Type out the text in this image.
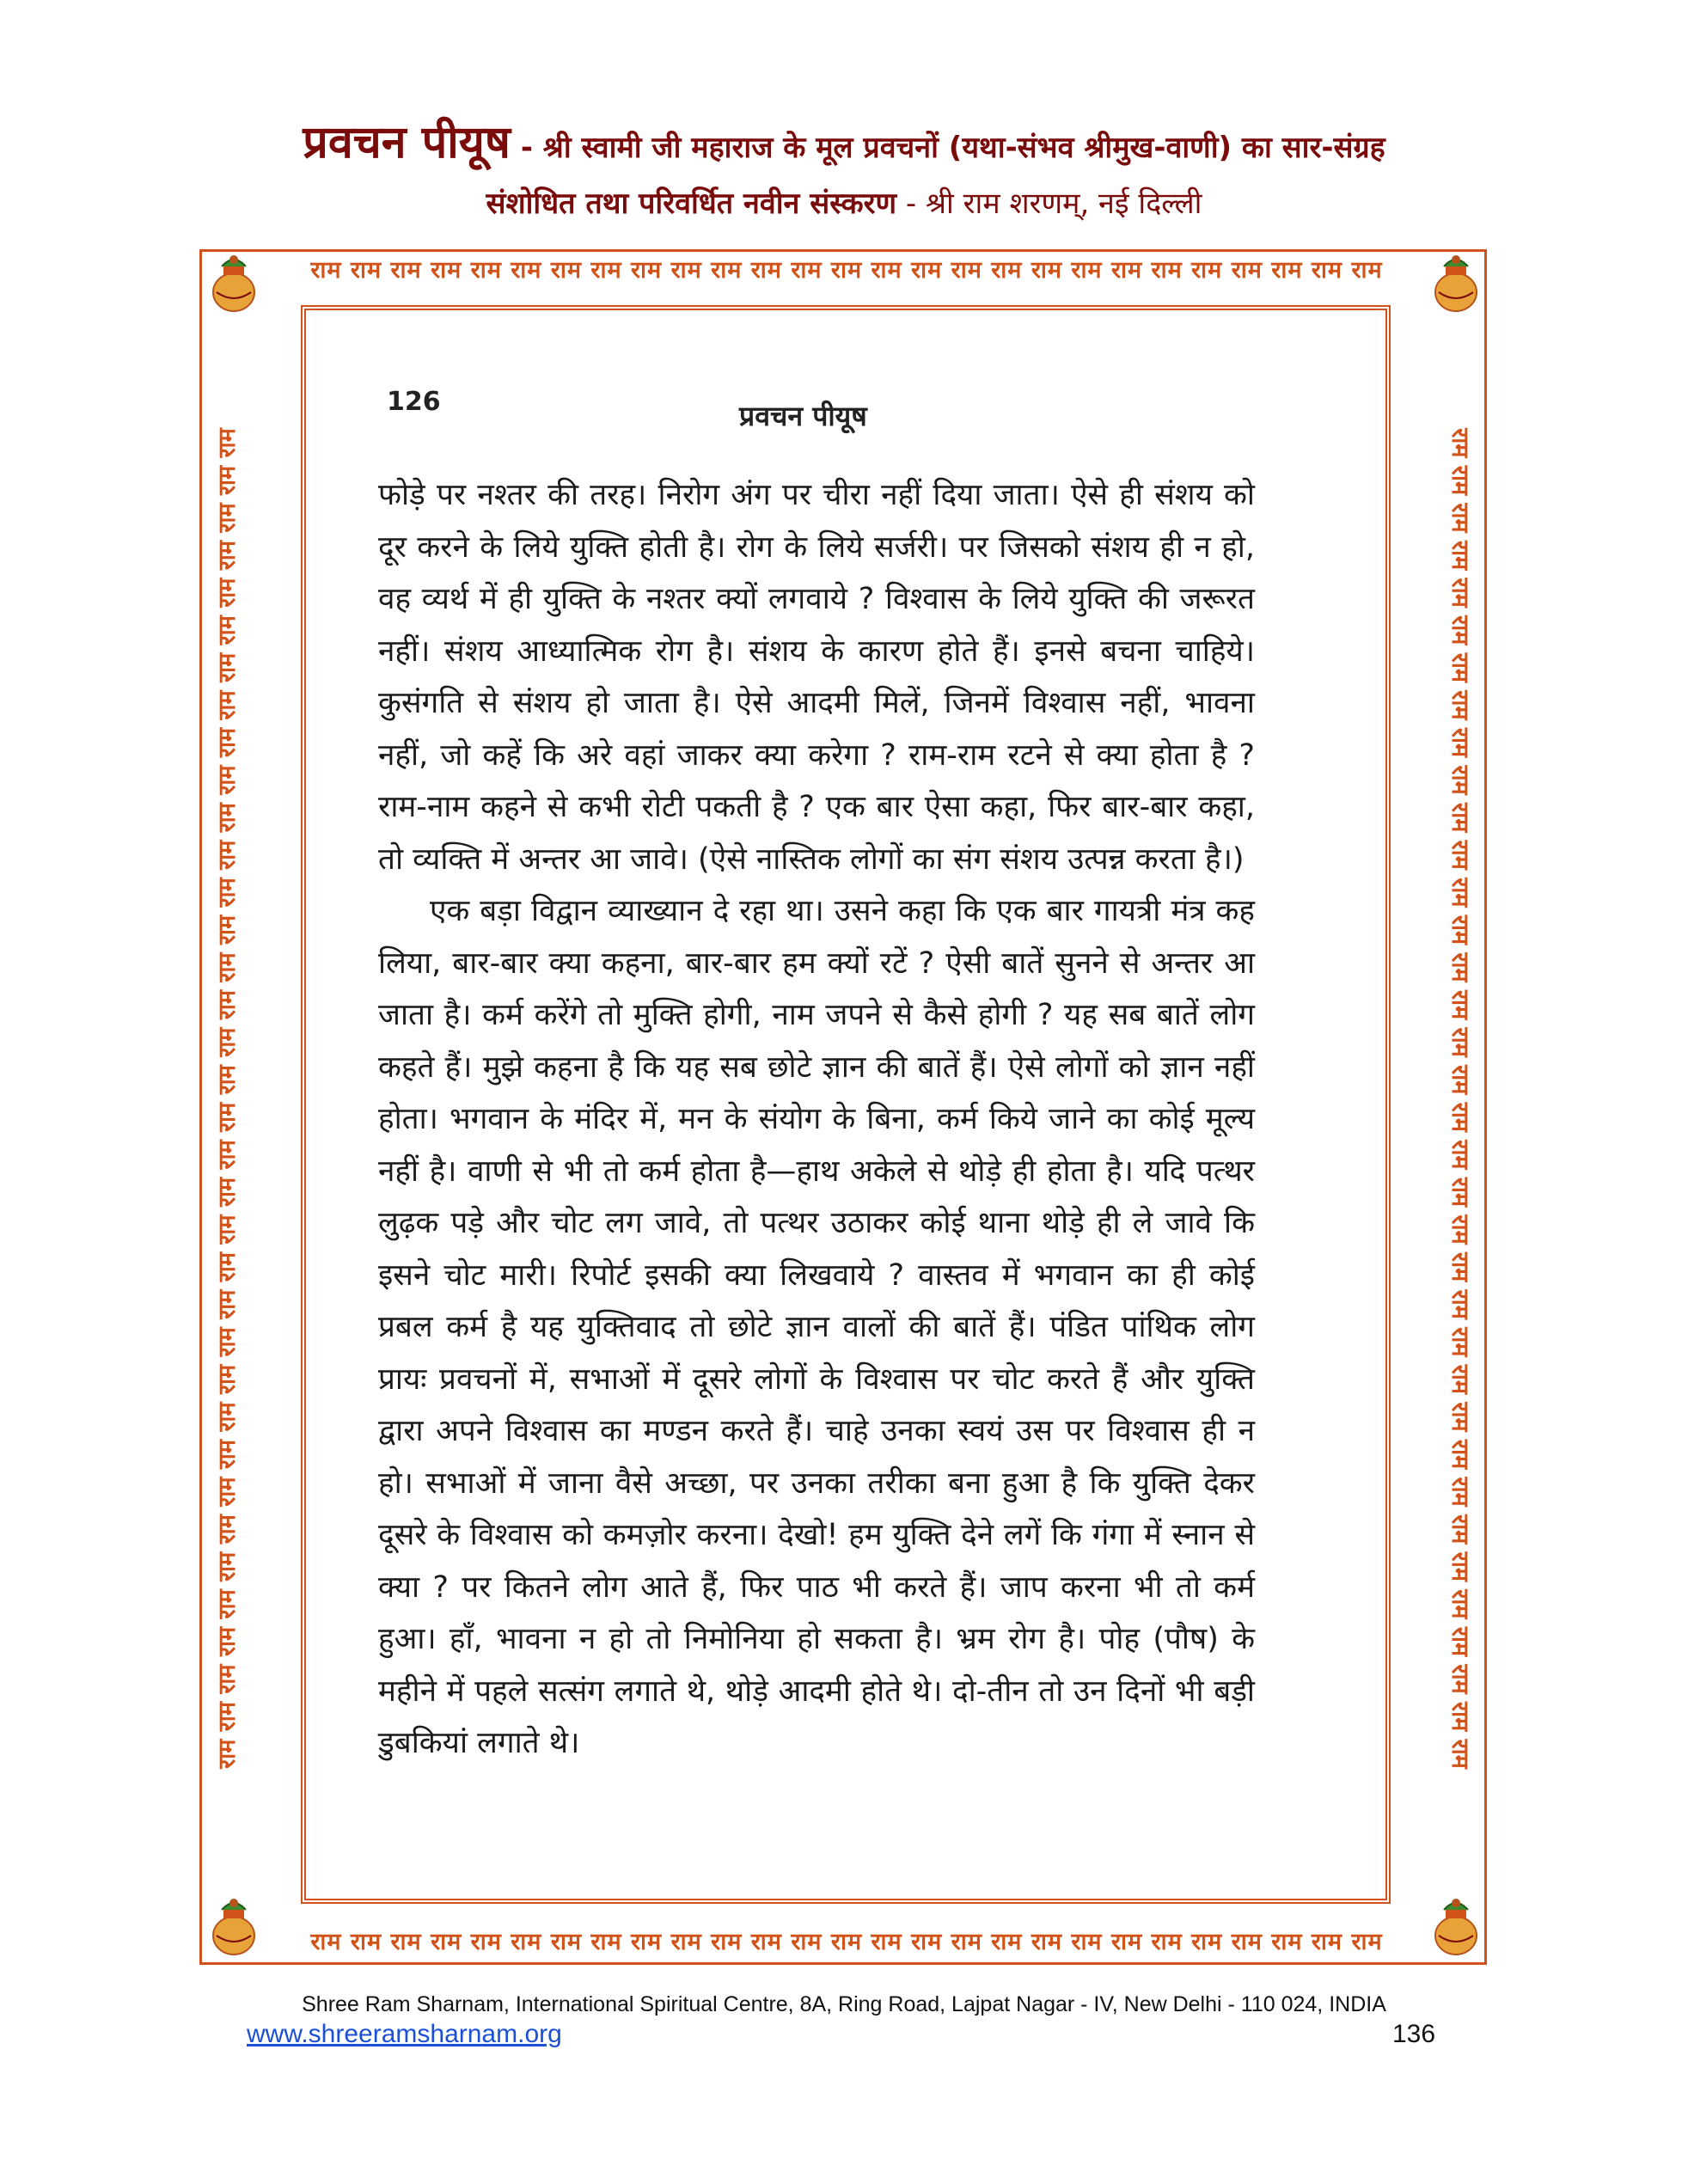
प्रवचन पीयूष - श्री स्वामी जी महाराज के मूल प्रवचनों (यथा-संभव श्रीमुख-वाणी) का सार-संग्रह
संशोधित तथा परिवर्धित नवीन संस्करण - श्री राम शरणम्, नई दिल्ली
राम राम राम राम राम राम राम राम राम राम राम राम राम राम राम राम राम राम राम राम राम राम राम राम राम राम राम
राम राम राम राम राम राम राम राम राम राम राम राम राम राम राम राम राम राम राम राम राम राम राम राम राम राम राम
राम राम राम राम राम राम राम राम राम राम राम राम राम राम राम राम राम राम राम राम राम राम राम राम राम राम राम राम राम राम राम राम राम राम राम राम	राम राम राम राम राम राम राम राम राम राम राम राम राम राम राम राम राम राम राम राम राम राम राम राम राम राम राम राम राम राम राम राम राम राम राम राम
126	प्रवचन पीयूष

फोड़े पर नश्तर की तरह। निरोग अंग पर चीरा नहीं दिया जाता। ऐसे ही संशय को दूर करने के लिये युक्ति होती है। रोग के लिये सर्जरी। पर जिसको संशय ही न हो, वह व्यर्थ में ही युक्ति के नश्तर क्यों लगवाये ? विश्वास के लिये युक्ति की जरूरत नहीं। संशय आध्यात्मिक रोग है। संशय के कारण होते हैं। इनसे बचना चाहिये। कुसंगति से संशय हो जाता है। ऐसे आदमी मिलें, जिनमें विश्वास नहीं, भावना नहीं, जो कहें कि अरे वहां जाकर क्या करेगा ? राम-राम रटने से क्या होता है ? राम-नाम कहने से कभी रोटी पकती है ? एक बार ऐसा कहा, फिर बार-बार कहा, तो व्यक्ति में अन्तर आ जावे। (ऐसे नास्तिक लोगों का संग संशय उत्पन्न करता है।)

एक बड़ा विद्वान व्याख्यान दे रहा था। उसने कहा कि एक बार गायत्री मंत्र कह लिया, बार-बार क्या कहना, बार-बार हम क्यों रटें ? ऐसी बातें सुनने से अन्तर आ जाता है। कर्म करेंगे तो मुक्ति होगी, नाम जपने से कैसे होगी ? यह सब बातें लोग कहते हैं। मुझे कहना है कि यह सब छोटे ज्ञान की बातें हैं। ऐसे लोगों को ज्ञान नहीं होता। भगवान के मंदिर में, मन के संयोग के बिना, कर्म किये जाने का कोई मूल्य नहीं है। वाणी से भी तो कर्म होता है—हाथ अकेले से थोड़े ही होता है। यदि पत्थर लुढ़क पड़े और चोट लग जावे, तो पत्थर उठाकर कोई थाना थोड़े ही ले जावे कि इसने चोट मारी। रिपोर्ट इसकी क्या लिखवाये ? वास्तव में भगवान का ही कोई प्रबल कर्म है यह युक्तिवाद तो छोटे ज्ञान वालों की बातें हैं। पंडित पांथिक लोग प्रायः प्रवचनों में, सभाओं में दूसरे लोगों के विश्वास पर चोट करते हैं और युक्ति द्वारा अपने विश्वास का मण्डन करते हैं। चाहे उनका स्वयं उस पर विश्वास ही न हो। सभाओं में जाना वैसे अच्छा, पर उनका तरीका बना हुआ है कि युक्ति देकर दूसरे के विश्वास को कमज़ोर करना। देखो! हम युक्ति देने लगें कि गंगा में स्नान से क्या ? पर कितने लोग आते हैं, फिर पाठ भी करते हैं। जाप करना भी तो कर्म हुआ। हाँ, भावना न हो तो निमोनिया हो सकता है। भ्रम रोग है। पोह (पौष) के महीने में पहले सत्संग लगाते थे, थोड़े आदमी होते थे। दो-तीन तो उन दिनों भी बड़ी डुबकियां लगाते थे।

Shree Ram Sharnam, International Spiritual Centre, 8A, Ring Road, Lajpat Nagar - IV, New Delhi - 110 024, INDIA
www.shreeramsharnam.org	136
